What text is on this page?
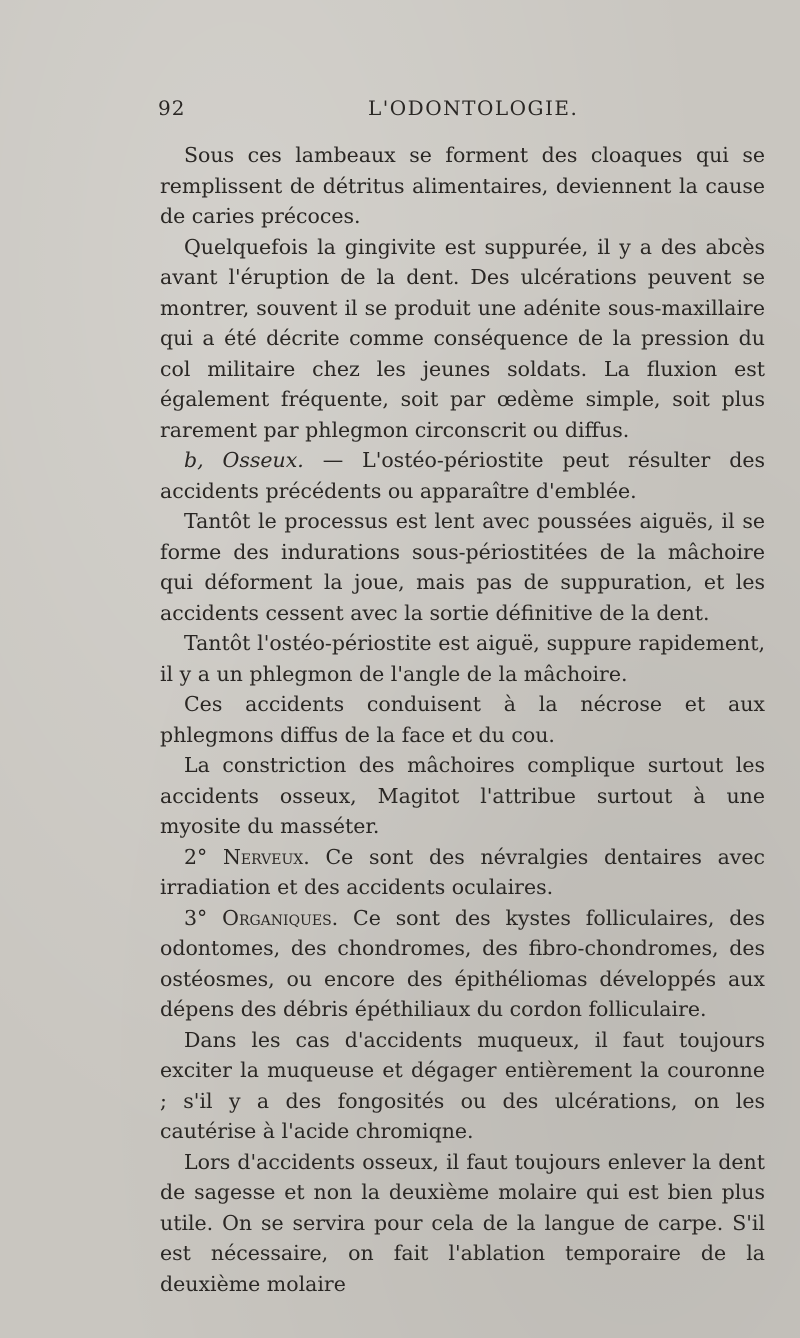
92	L'ODONTOLOGIE.

Sous ces lambeaux se forment des cloaques qui se remplissent de détritus alimentaires, deviennent la cause de caries précoces.

Quelquefois la gingivite est suppurée, il y a des abcès avant l'éruption de la dent. Des ulcérations peuvent se montrer, souvent il se produit une adénite sous-maxillaire qui a été décrite comme conséquence de la pression du col militaire chez les jeunes soldats. La fluxion est également fréquente, soit par œdème simple, soit plus rarement par phlegmon circonscrit ou diffus.

b, Osseux. — L'ostéo-périostite peut résulter des accidents précédents ou apparaître d'emblée.

Tantôt le processus est lent avec poussées aiguës, il se forme des indurations sous-périostitées de la mâchoire qui déforment la joue, mais pas de suppuration, et les accidents cessent avec la sortie définitive de la dent.

Tantôt l'ostéo-périostite est aiguë, suppure rapidement, il y a un phlegmon de l'angle de la mâchoire.

Ces accidents conduisent à la nécrose et aux phlegmons diffus de la face et du cou.

La constriction des mâchoires complique surtout les accidents osseux, Magitot l'attribue surtout à une myosite du masséter.

2° Nerveux. Ce sont des névralgies dentaires avec irradiation et des accidents oculaires.

3° Organiques. Ce sont des kystes folliculaires, des odontomes, des chondromes, des fibro-chondromes, des ostéosmes, ou encore des épithéliomas développés aux dépens des débris épéthiliaux du cordon folliculaire.

Dans les cas d'accidents muqueux, il faut toujours exciter la muqueuse et dégager entièrement la couronne ; s'il y a des fongosités ou des ulcérations, on les cautérise à l'acide chromiqne.

Lors d'accidents osseux, il faut toujours enlever la dent de sagesse et non la deuxième molaire qui est bien plus utile. On se servira pour cela de la langue de carpe. S'il est nécessaire, on fait l'ablation temporaire de la deuxième molaire
